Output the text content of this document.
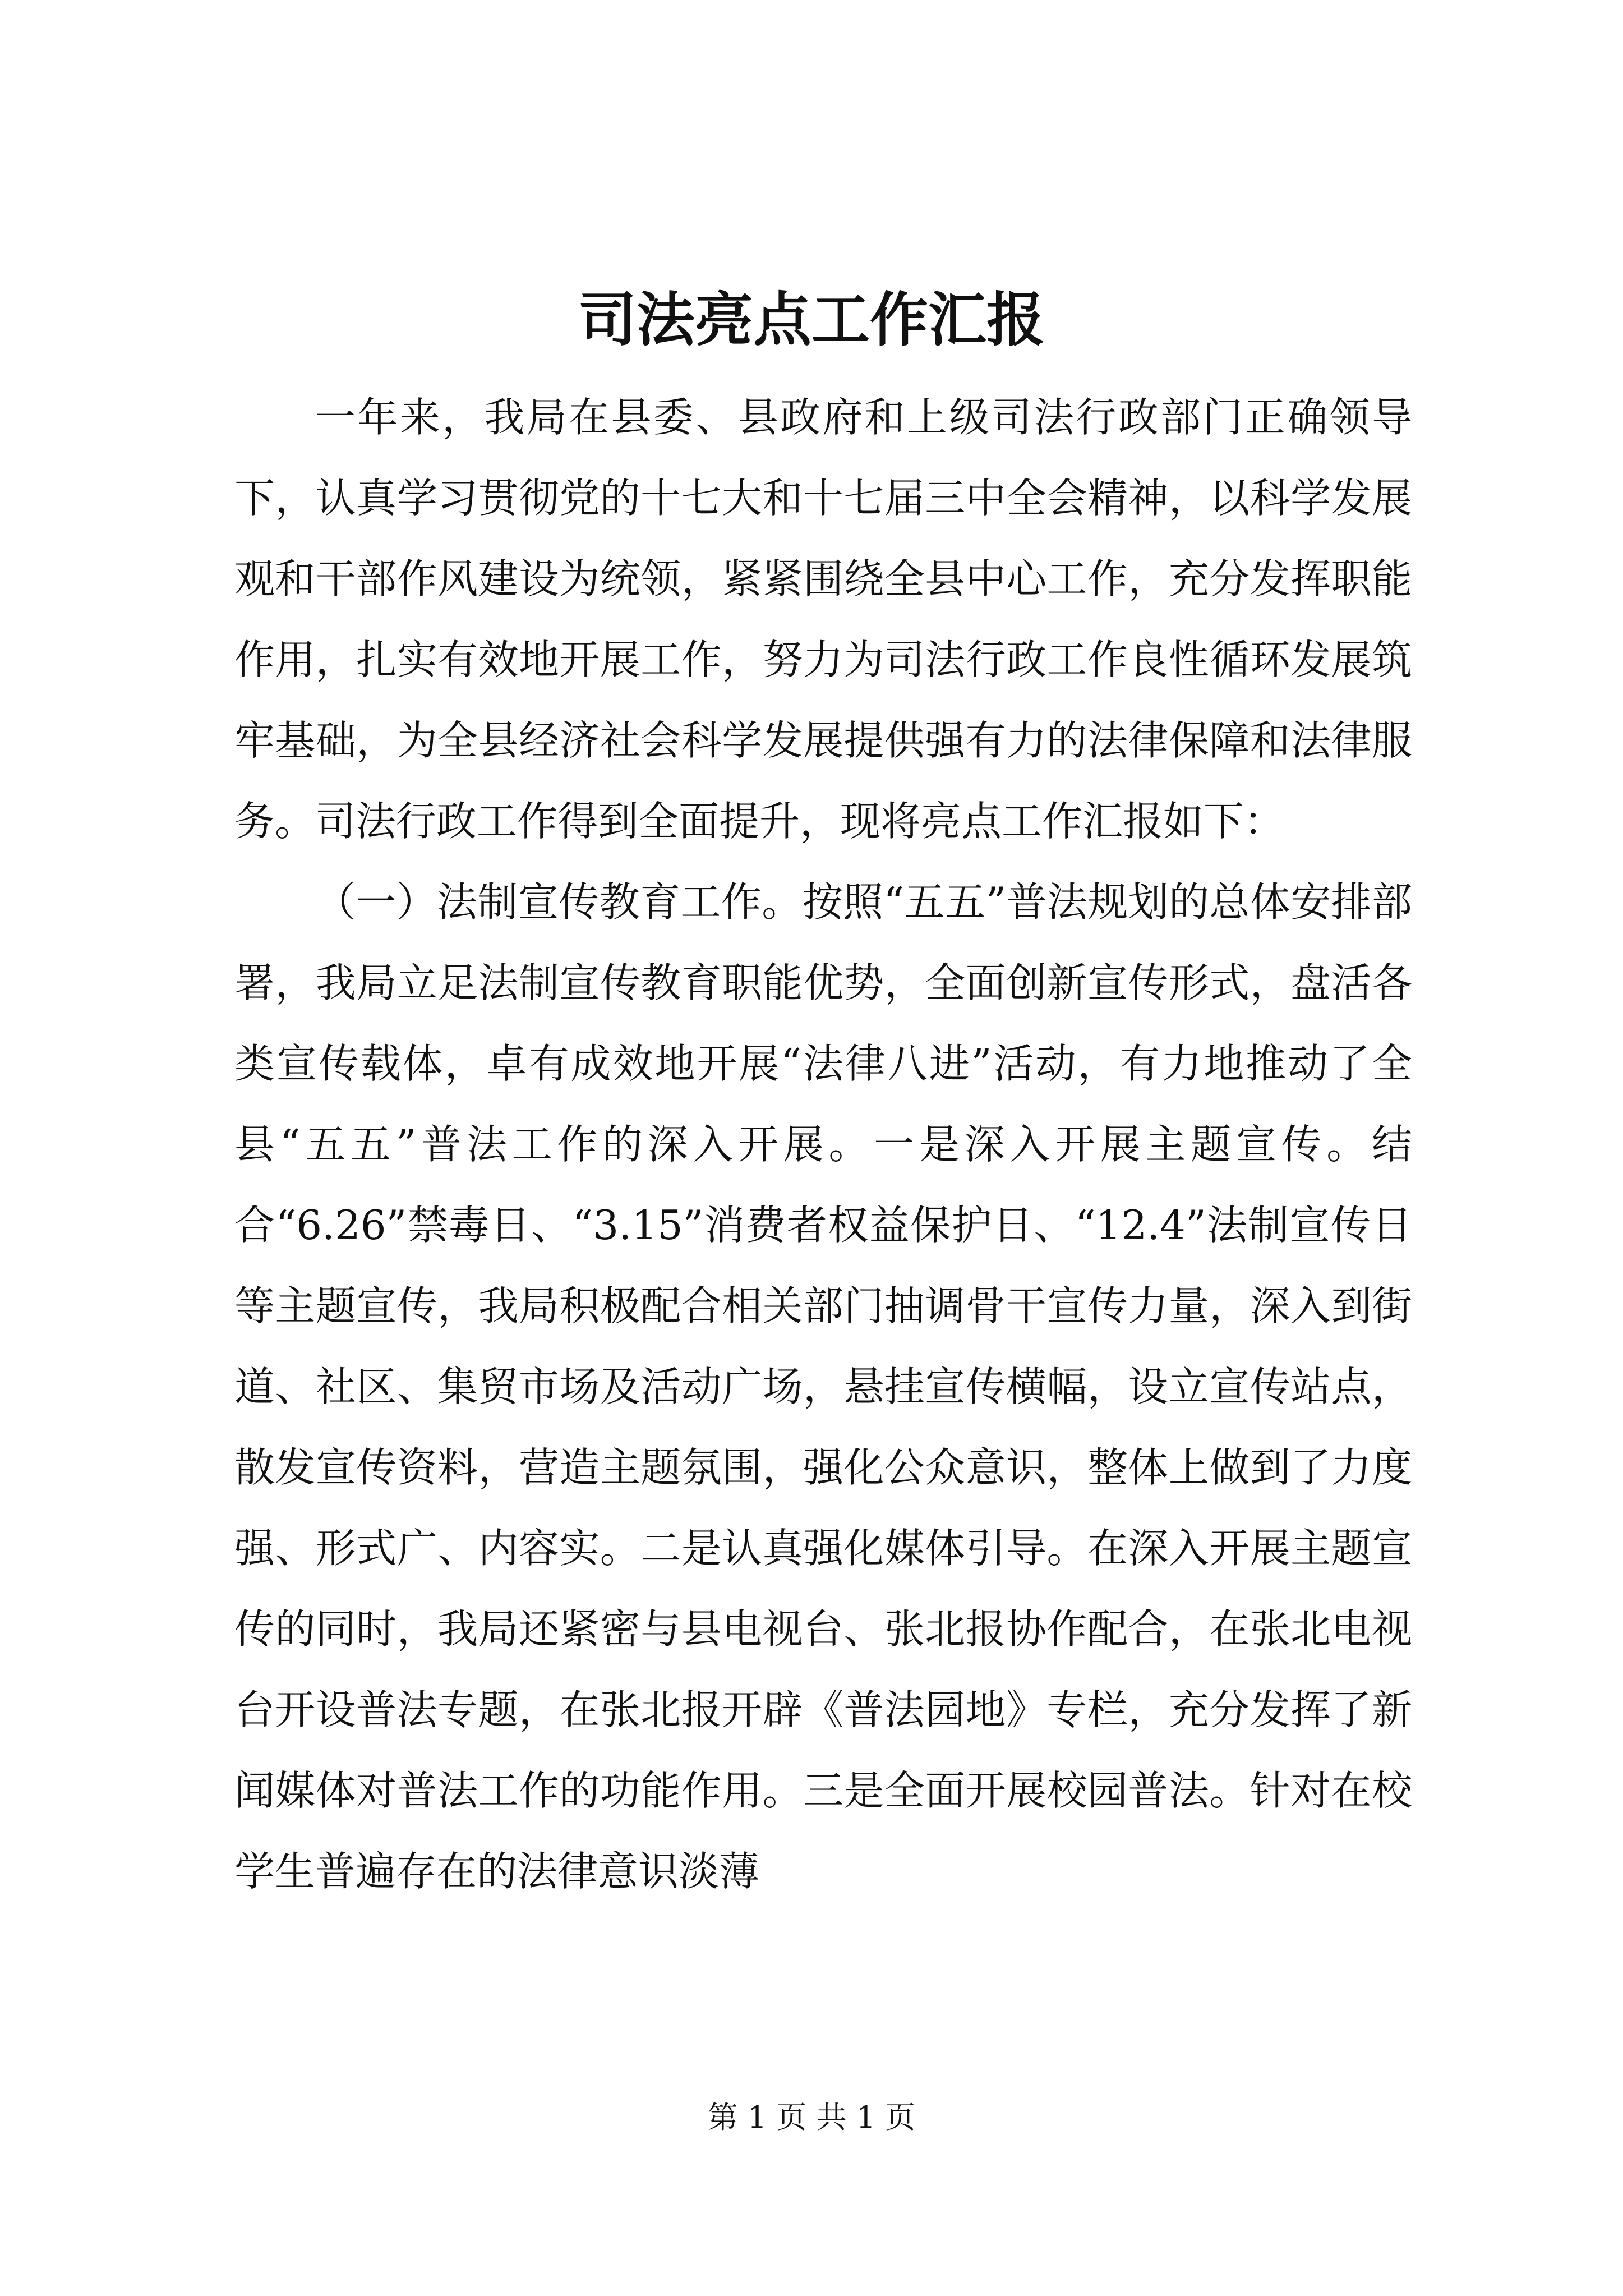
司法亮点工作汇报

一年来，我局在县委、县政府和上级司法行政部门正确领导下，认真学习贯彻党的十七大和十七届三中全会精神，以科学发展观和干部作风建设为统领，紧紧围绕全县中心工作，充分发挥职能作用，扎实有效地开展工作，努力为司法行政工作良性循环发展筑牢基础，为全县经济社会科学发展提供强有力的法律保障和法律服务。司法行政工作得到全面提升，现将亮点工作汇报如下：

（一）法制宣传教育工作。按照“五五”普法规划的总体安排部署，我局立足法制宣传教育职能优势，全面创新宣传形式，盘活各类宣传载体，卓有成效地开展“法律八进”活动，有力地推动了全县“五五”普法工作的深入开展。一是深入开展主题宣传。结合“6.26”禁毒日、“3.15”消费者权益保护日、“12.4”法制宣传日等主题宣传，我局积极配合相关部门抽调骨干宣传力量，深入到街道、社区、集贸市场及活动广场，悬挂宣传横幅，设立宣传站点，散发宣传资料，营造主题氛围，强化公众意识，整体上做到了力度强、形式广、内容实。二是认真强化媒体引导。在深入开展主题宣传的同时，我局还紧密与县电视台、张北报协作配合，在张北电视台开设普法专题，在张北报开辟《普法园地》专栏，充分发挥了新闻媒体对普法工作的功能作用。三是全面开展校园普法。针对在校学生普遍存在的法律意识淡薄

第 1 页 共 1 页
